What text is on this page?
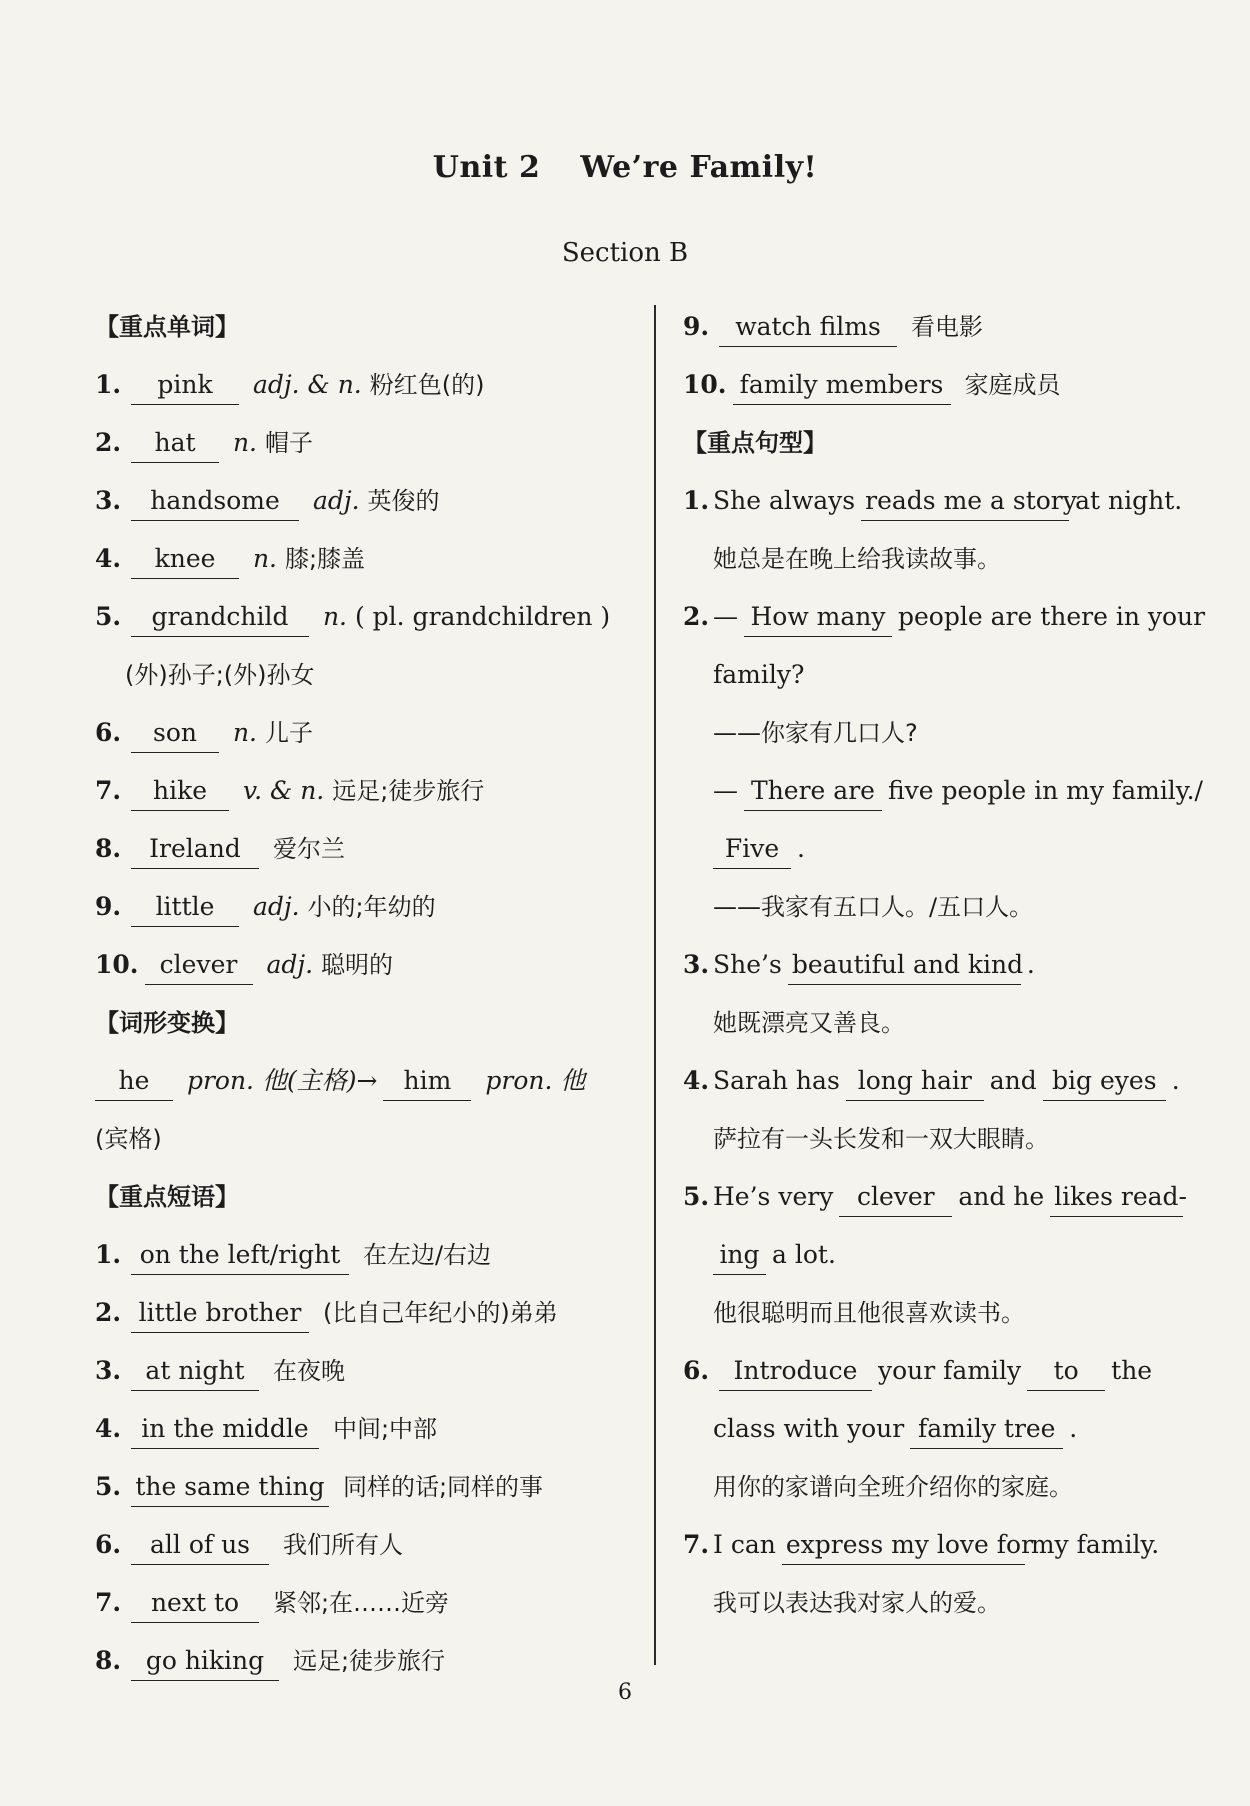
Unit 2 We’re Family!
Section B
【重点单词】
1. pink adj. & n. 粉红色(的)
2. hat n. 帽子
3. handsome adj. 英俊的
4. knee n. 膝;膝盖
5. grandchild n. ( pl. grandchildren )
(外)孙子;(外)孙女
6. son n. 儿子
7. hike v. & n. 远足;徒步旅行
8. Ireland 爱尔兰
9. little adj. 小的;年幼的
10. clever adj. 聪明的
【词形变换】
he pron. 他(主格)→ him pron. 他
(宾格)
【重点短语】
1. on the left/right 在左边/右边
2. little brother (比自己年纪小的)弟弟
3. at night 在夜晚
4. in the middle 中间;中部
5. the same thing 同样的话;同样的事
6. all of us 我们所有人
7. next to 紧邻;在……近旁
8. go hiking 远足;徒步旅行
9. watch films 看电影
10. family members 家庭成员
【重点句型】
1. She always reads me a storyat night.
她总是在晚上给我读故事。
2. — How many people are there in your
family?
——你家有几口人?
— There are five people in my family./
Five .
——我家有五口人。/五口人。
3. She’s beautiful and kind .
她既漂亮又善良。
4. Sarah has long hair and big eyes .
萨拉有一头长发和一双大眼睛。
5. He’s very clever and he likes read-
ing a lot.
他很聪明而且他很喜欢读书。
6. Introduce your family to the
class with your family tree .
用你的家谱向全班介绍你的家庭。
7. I can express my love formy family.
我可以表达我对家人的爱。
6
